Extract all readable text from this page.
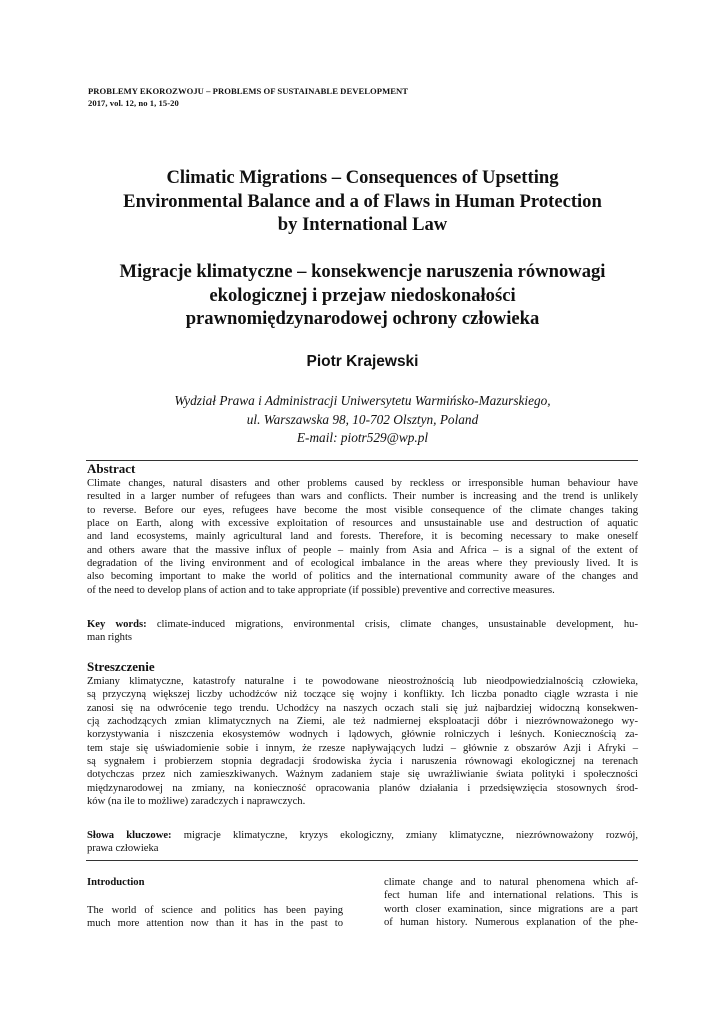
PROBLEMY EKOROZWOJU – PROBLEMS OF SUSTAINABLE DEVELOPMENT
2017, vol. 12, no 1, 15-20
Climatic Migrations – Consequences of Upsetting
Environmental Balance and a of Flaws in Human Protection
by International Law
Migracje klimatyczne – konsekwencje naruszenia równowagi
ekologicznej i przejaw niedoskonałości
prawnomiędzynarodowej ochrony człowieka
Piotr Krajewski
Wydział Prawa i Administracji Uniwersytetu Warmińsko-Mazurskiego,
ul. Warszawska 98, 10-702 Olsztyn, Poland
E-mail: piotr529@wp.pl
Abstract
Climate changes, natural disasters and other problems caused by reckless or irresponsible human behaviour have
resulted in a larger number of refugees than wars and conflicts. Their number is increasing and the trend is unlikely
to reverse. Before our eyes, refugees have become the most visible consequence of the climate changes taking
place on Earth, along with excessive exploitation of resources and unsustainable use and destruction of aquatic
and land ecosystems, mainly agricultural land and forests. Therefore, it is becoming necessary to make oneself
and others aware that the massive influx of people – mainly from Asia and Africa – is a signal of the extent of
degradation of the living environment and of ecological imbalance in the areas where they previously lived. It is
also becoming important to make the world of politics and the international community aware of the changes and
of the need to develop plans of action and to take appropriate (if possible) preventive and corrective measures.
Key words: climate-induced migrations, environmental crisis, climate changes, unsustainable development, hu-
man rights
Streszczenie
Zmiany klimatyczne, katastrofy naturalne i te powodowane nieostrożnością lub nieodpowiedzialnością człowieka,
są przyczyną większej liczby uchodźców niż toczące się wojny i konflikty. Ich liczba ponadto ciągle wzrasta i nie
zanosi się na odwrócenie tego trendu. Uchodźcy na naszych oczach stali się już najbardziej widoczną konsekwen-
cją zachodzących zmian klimatycznych na Ziemi, ale też nadmiernej eksploatacji dóbr i niezrównoważonego wy-
korzystywania i niszczenia ekosystemów wodnych i lądowych, głównie rolniczych i leśnych. Koniecznością za-
tem staje się uświadomienie sobie i innym, że rzesze napływających ludzi – głównie z obszarów Azji i Afryki –
są sygnałem i probierzem stopnia degradacji środowiska życia i naruszenia równowagi ekologicznej na terenach
dotychczas przez nich zamieszkiwanych. Ważnym zadaniem staje się uwrażliwianie świata polityki i społeczności
międzynarodowej na zmiany, na konieczność opracowania planów działania i przedsięwzięcia stosownych środ-
ków (na ile to możliwe) zaradczych i naprawczych.
Słowa kluczowe: migracje klimatyczne, kryzys ekologiczny, zmiany klimatyczne, niezrównoważony rozwój,
prawa człowieka
Introduction
The world of science and politics has been paying
much more attention now than it has in the past to
climate change and to natural phenomena which af-
fect human life and international relations. This is
worth closer examination, since migrations are a part
of human history. Numerous explanation of the phe-
